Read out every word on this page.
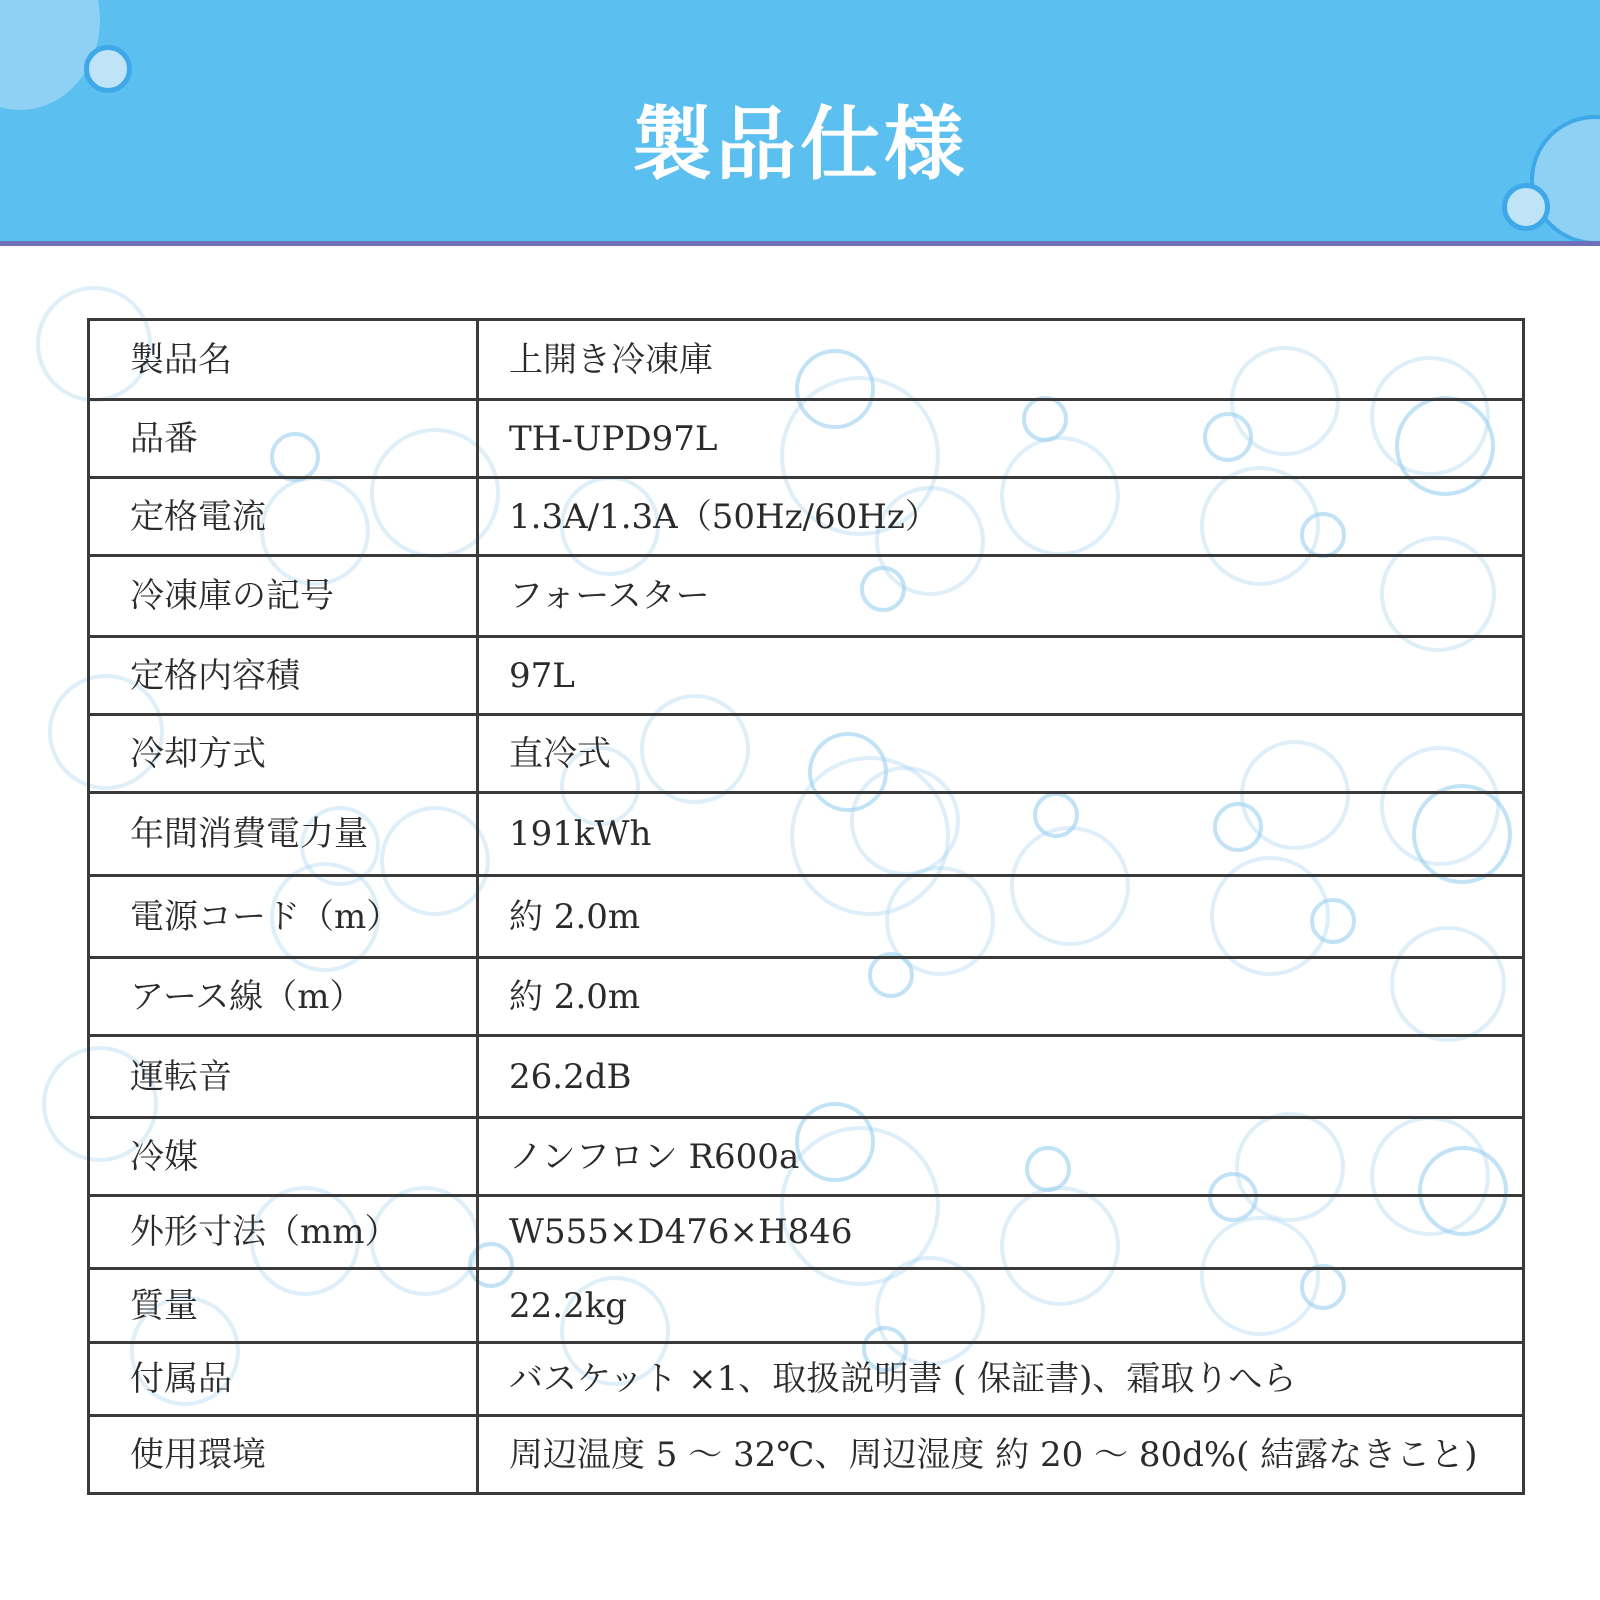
製品仕様
製品名	上開き冷凍庫
品番	TH-UPD97L
定格電流	1.3A/1.3A（50Hz/60Hz）
冷凍庫の記号	フォースター
定格内容積	97L
冷却方式	直冷式
年間消費電力量	191kWh
電源コード（m）	約 2.0m
アース線（m）	約 2.0m
運転音	26.2dB
冷媒	ノンフロン R600a
外形寸法（mm）	W555×D476×H846
質量	22.2kg
付属品	バスケット ×1、取扱説明書 ( 保証書)、霜取りへら
使用環境	周辺温度 5 ～ 32℃、周辺湿度 約 20 ～ 80d%( 結露なきこと)
